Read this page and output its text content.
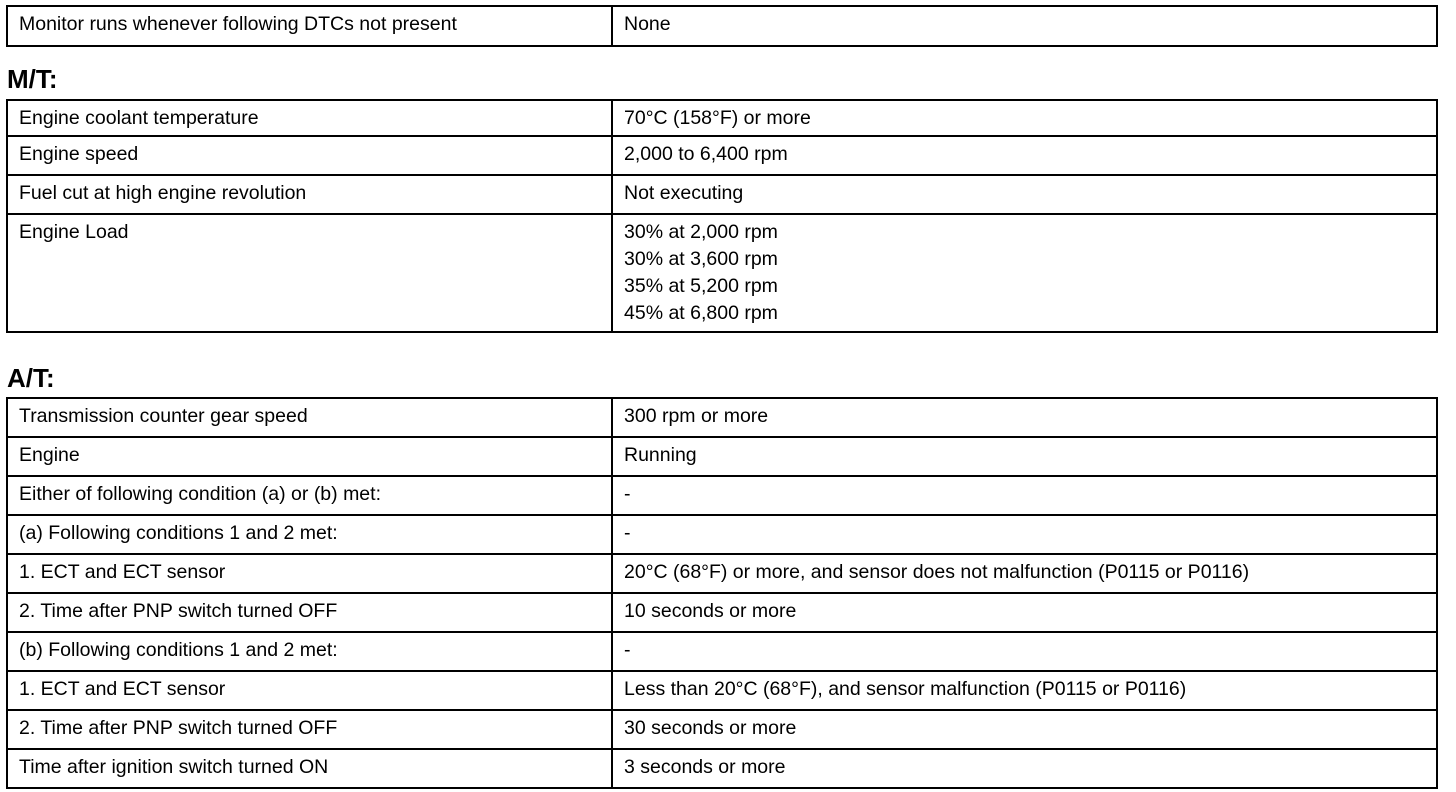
Monitor runs whenever following DTCs not present	None
M/T:
Engine coolant temperature	70°C (158°F) or more
Engine speed	2,000 to 6,400 rpm
Fuel cut at high engine revolution	Not executing
Engine Load	30% at 2,000 rpm
30% at 3,600 rpm
35% at 5,200 rpm
45% at 6,800 rpm
A/T:
Transmission counter gear speed	300 rpm or more
Engine	Running
Either of following condition (a) or (b) met:	-
(a) Following conditions 1 and 2 met:	-
1. ECT and ECT sensor	20°C (68°F) or more, and sensor does not malfunction (P0115 or P0116)
2. Time after PNP switch turned OFF	10 seconds or more
(b) Following conditions 1 and 2 met:	-
1. ECT and ECT sensor	Less than 20°C (68°F), and sensor malfunction (P0115 or P0116)
2. Time after PNP switch turned OFF	30 seconds or more
Time after ignition switch turned ON	3 seconds or more
